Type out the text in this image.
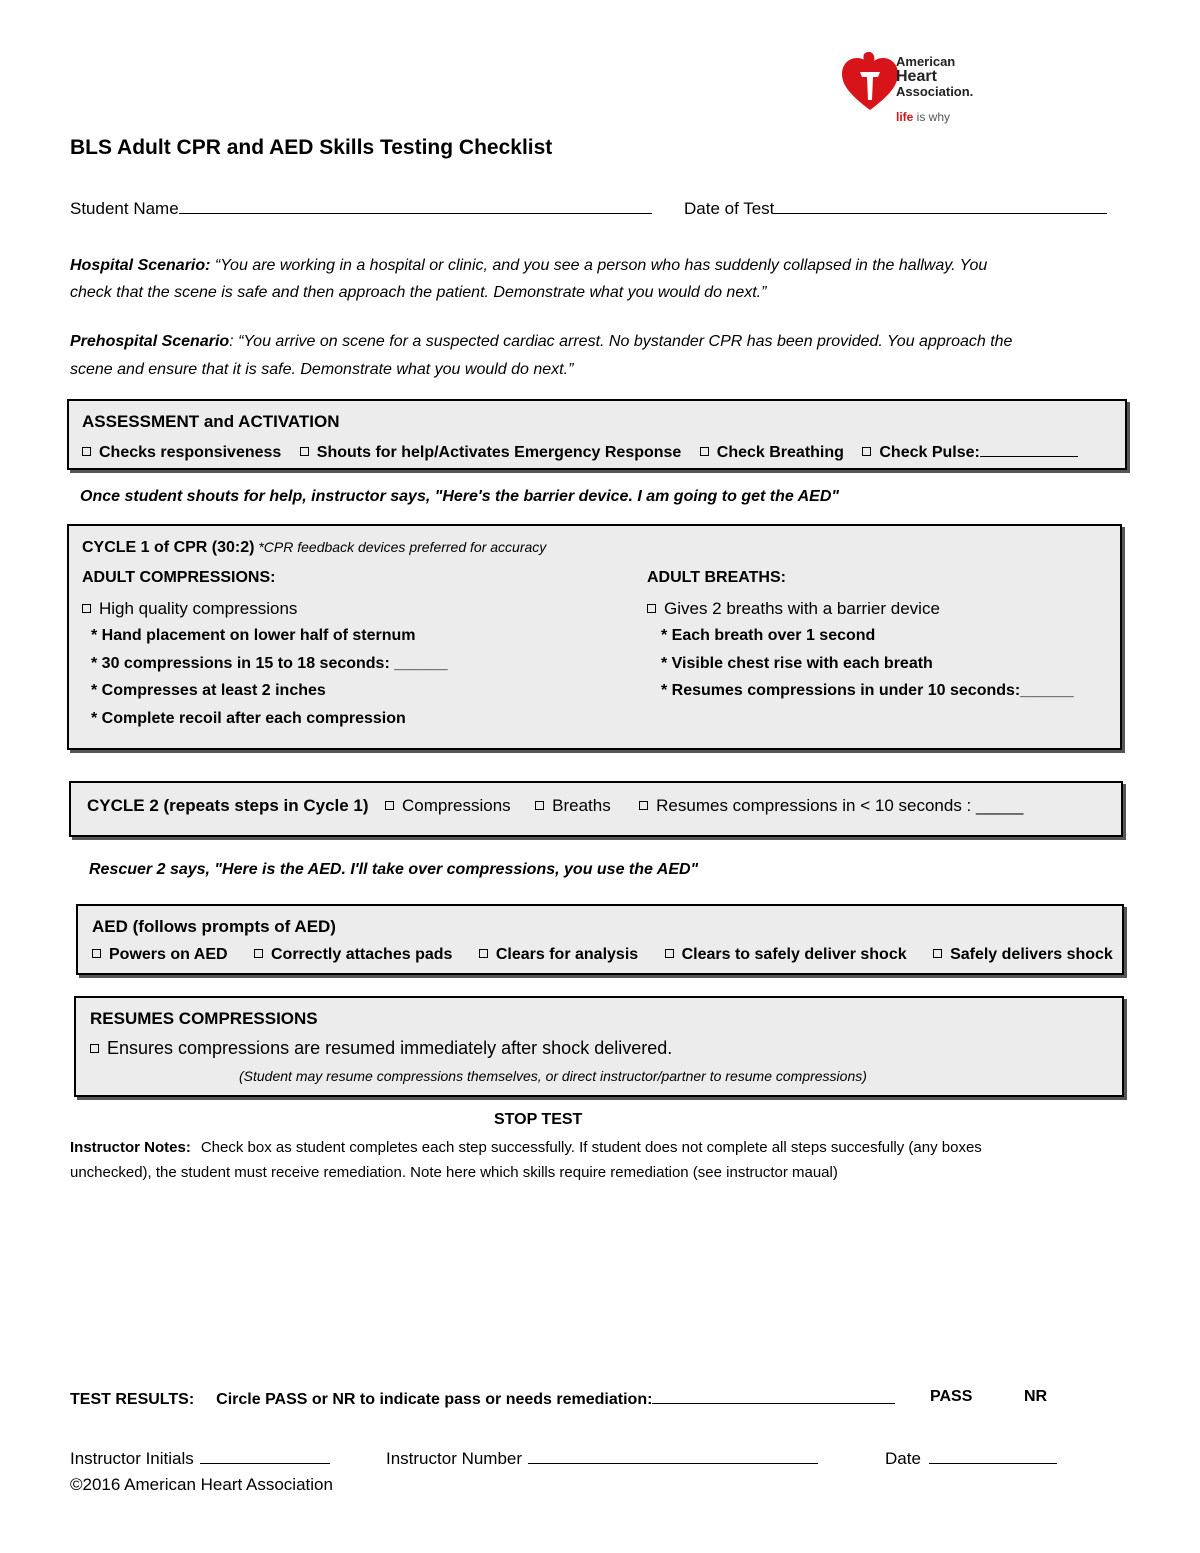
American
Heart
Association.
life is why
BLS Adult CPR and AED Skills Testing Checklist
Student Name	Date of Test
Hospital Scenario: “You are working in a hospital or clinic, and you see a person who has suddenly collapsed in the hallway. You
check that the scene is safe and then approach the patient. Demonstrate what you would do next.”
Prehospital Scenario: “You arrive on scene for a suspected cardiac arrest. No bystander CPR has been provided. You approach the
scene and ensure that it is safe. Demonstrate what you would do next.”
ASSESSMENT and ACTIVATION
Checks responsiveness Shouts for help/Activates Emergency Response Check Breathing Check Pulse:
Once student shouts for help, instructor says, "Here's the barrier device. I am going to get the AED"
CYCLE 1 of CPR (30:2) *CPR feedback devices preferred for accuracy
ADULT COMPRESSIONS:
High quality compressions
* Hand placement on lower half of sternum
* 30 compressions in 15 to 18 seconds: ______
* Compresses at least 2 inches
* Complete recoil after each compression
ADULT BREATHS:
Gives 2 breaths with a barrier device
* Each breath over 1 second
* Visible chest rise with each breath
* Resumes compressions in under 10 seconds:______
CYCLE 2 (repeats steps in Cycle 1) Compressions Breaths	Resumes compressions in < 10 seconds : _____
Rescuer 2 says, "Here is the AED. I'll take over compressions, you use the AED"
AED (follows prompts of AED)
Powers on AED	Correctly attaches pads	Clears for analysis	Clears to safely deliver shock	Safely delivers shock
RESUMES COMPRESSIONS
Ensures compressions are resumed immediately after shock delivered.
(Student may resume compressions themselves, or direct instructor/partner to resume compressions)
STOP TEST
Instructor Notes: Check box as student completes each step successfully. If student does not complete all steps succesfully (any boxes
unchecked), the student must receive remediation. Note here which skills require remediation (see instructor maual)
TEST RESULTS: Circle PASS or NR to indicate pass or needs remediation:	PASS	NR
Instructor Initials	Instructor Number	Date
©2016 American Heart Association
